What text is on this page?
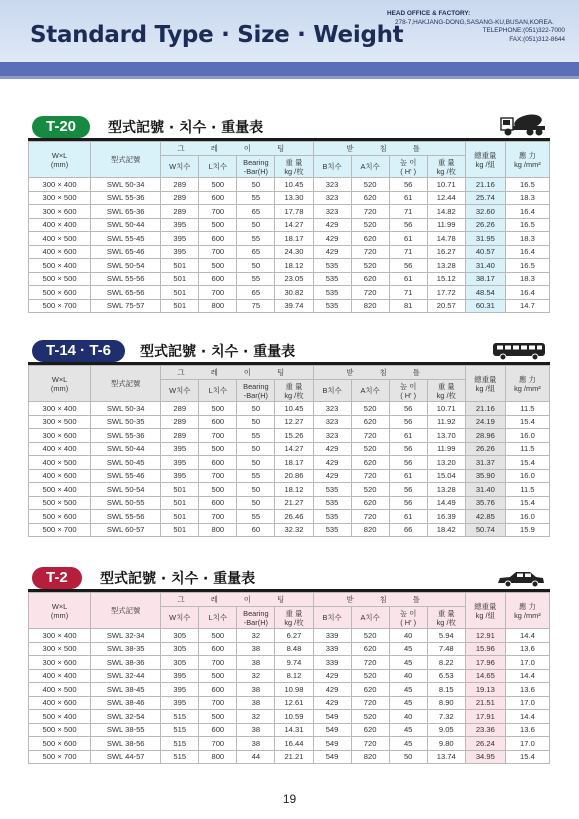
Standard Type · Size · Weight
HEAD OFFICE & FACTORY:
278-7,HAKJANG-DONG,SASANG-KU,BUSAN,KOREA.
TELEPHONE:(051)322-7000
FAX:(051)312-8644
T-20	型式記號 · 치수 · 重量表
W×L
(mm)	型式記號	그 레 이 팅				받 침 틀				總重量
kg /組	應 力
kg /mm²
		W치수	L치수	Bearing
-Bar(H)	重 量
kg /枚	B치수	A치수	높 이
( H' )	重 量
kg /枚		
300 × 400	SWL 50-34	289	500	50	10.45	323	520	56	10.71	21.16	16.5
300 × 500	SWL 55-36	289	600	55	13.30	323	620	61	12.44	25.74	18.3
300 × 600	SWL 65-36	289	700	65	17.78	323	720	71	14.82	32.60	16.4
400 × 400	SWL 50-44	395	500	50	14.27	429	520	56	11.99	26.26	16.5
400 × 500	SWL 55-45	395	600	55	18.17	429	620	61	14.78	31.95	18.3
400 × 600	SWL 65-46	395	700	65	24.30	429	720	71	16.27	40.57	16.4
500 × 400	SWL 50-54	501	500	50	18.12	535	520	56	13.28	31.40	16.5
500 × 500	SWL 55-56	501	600	55	23.05	535	620	61	15.12	38.17	18.3
500 × 600	SWL 65-56	501	700	65	30.82	535	720	71	17.72	48.54	16.4
500 × 700	SWL 75-57	501	800	75	39.74	535	820	81	20.57	60.31	14.7
T-14 · T-6	型式記號 · 치수 · 重量表
W×L
(mm)	型式記號	그 레 이 팅				받 침 틀				總重量
kg /組	應 力
kg /mm²
		W치수	L치수	Bearing
-Bar(H)	重 量
kg /枚	B치수	A치수	높 이
( H' )	重 量
kg /枚		
300 × 400	SWL 50-34	289	500	50	10.45	323	520	56	10.71	21.16	11.5
300 × 500	SWL 50-35	289	600	50	12.27	323	620	56	11.92	24.19	15.4
300 × 600	SWL 55-36	289	700	55	15.26	323	720	61	13.70	28.96	16.0
400 × 400	SWL 50-44	395	500	50	14.27	429	520	56	11.99	26.26	11.5
400 × 500	SWL 50-45	395	600	50	18.17	429	620	56	13.20	31.37	15.4
400 × 600	SWL 55-46	395	700	55	20.86	429	720	61	15.04	35.90	16.0
500 × 400	SWL 50-54	501	500	50	18.12	535	520	56	13.28	31.40	11.5
500 × 500	SWL 50-55	501	600	50	21.27	535	620	56	14.49	35.76	15.4
500 × 600	SWL 55-56	501	700	55	26.46	535	720	61	16.39	42.85	16.0
500 × 700	SWL 60-57	501	800	60	32.32	535	820	66	18.42	50.74	15.9
T-2	型式記號 · 치수 · 重量表
W×L
(mm)	型式記號	그 레 이 팅				받 침 틀				總重量
kg /組	應 力
kg /mm²
		W치수	L치수	Bearing
-Bar(H)	重 量
kg /枚	B치수	A치수	높 이
( H' )	重 量
kg /枚		
300 × 400	SWL 32-34	305	500	32	6.27	339	520	40	5.94	12.91	14.4
300 × 500	SWL 38-35	305	600	38	8.48	339	620	45	7.48	15.96	13.6
300 × 600	SWL 38-36	305	700	38	9.74	339	720	45	8.22	17.96	17.0
400 × 400	SWL 32-44	395	500	32	8.12	429	520	40	6.53	14.65	14.4
400 × 500	SWL 38-45	395	600	38	10.98	429	620	45	8.15	19.13	13.6
400 × 600	SWL 38-46	395	700	38	12.61	429	720	45	8.90	21.51	17.0
500 × 400	SWL 32-54	515	500	32	10.59	549	520	40	7.32	17.91	14.4
500 × 500	SWL 38-55	515	600	38	14.31	549	620	45	9.05	23.36	13.6
500 × 600	SWL 38-56	515	700	38	16.44	549	720	45	9.80	26.24	17.0
500 × 700	SWL 44-57	515	800	44	21.21	549	820	50	13.74	34.95	15.4
19
